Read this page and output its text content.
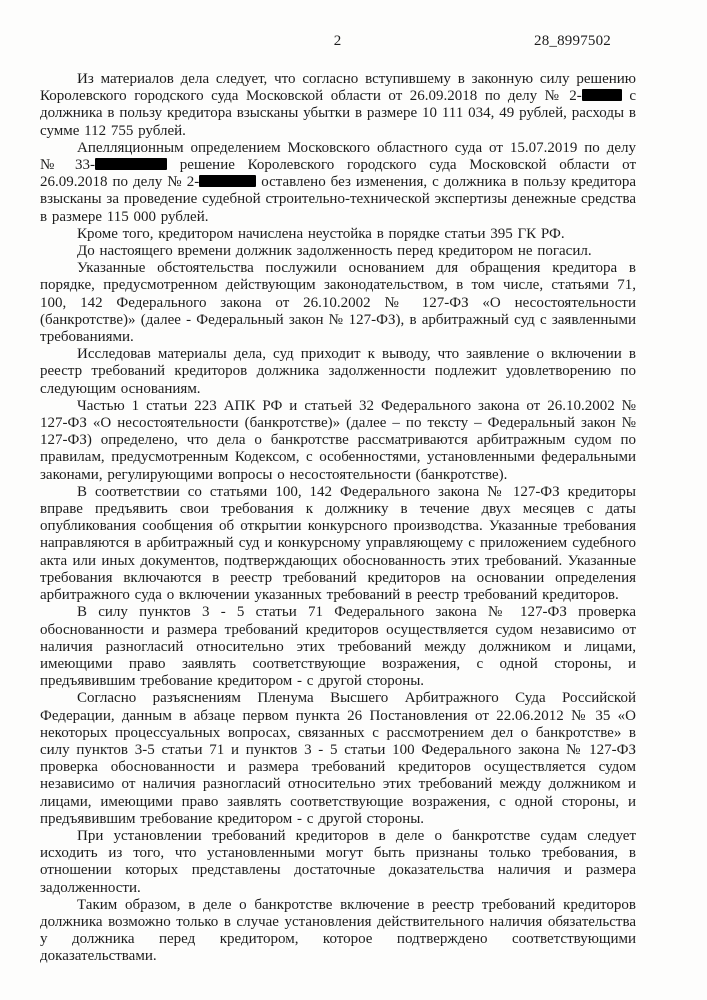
2	28_8997502

Из материалов дела следует, что согласно вступившему в законную силу решению Королевского городского суда Московской области от 26.09.2018 по делу № 2-	с должника в пользу кредитора взысканы убытки в размере 10 111 034, 49 рублей, расходы в сумме 112 755 рублей.

Апелляционным определением Московского областного суда от 15.07.2019 по делу № 33-	решение Королевского городского суда Московской области от 26.09.2018 по делу № 2-	оставлено без изменения, с должника в пользу кредитора взысканы за проведение судебной строительно-технической экспертизы денежные средства в размере 115 000 рублей.

Кроме того, кредитором начислена неустойка в порядке статьи 395 ГК РФ.

До настоящего времени должник задолженность перед кредитором не погасил.

Указанные обстоятельства послужили основанием для обращения кредитора в порядке, предусмотренном действующим законодательством, в том числе, статьями 71, 100, 142 Федерального закона от 26.10.2002 № 127-ФЗ «О несостоятельности (банкротстве)» (далее - Федеральный закон № 127-ФЗ), в арбитражный суд с заявленными требованиями.

Исследовав материалы дела, суд приходит к выводу, что заявление о включении в реестр требований кредиторов должника задолженности подлежит удовлетворению по следующим основаниям.

Частью 1 статьи 223 АПК РФ и статьей 32 Федерального закона от 26.10.2002 № 127-ФЗ «О несостоятельности (банкротстве)» (далее – по тексту – Федеральный закон № 127-ФЗ) определено, что дела о банкротстве рассматриваются арбитражным судом по правилам, предусмотренным Кодексом, с особенностями, установленными федеральными законами, регулирующими вопросы о несостоятельности (банкротстве).

В соответствии со статьями 100, 142 Федерального закона № 127-ФЗ кредиторы вправе предъявить свои требования к должнику в течение двух месяцев с даты опубликования сообщения об открытии конкурсного производства. Указанные требования направляются в арбитражный суд и конкурсному управляющему с приложением судебного акта или иных документов, подтверждающих обоснованность этих требований. Указанные требования включаются в реестр требований кредиторов на основании определения арбитражного суда о включении указанных требований в реестр требований кредиторов.

В силу пунктов 3 - 5 статьи 71 Федерального закона № 127-ФЗ проверка обоснованности и размера требований кредиторов осуществляется судом независимо от наличия разногласий относительно этих требований между должником и лицами, имеющими право заявлять соответствующие возражения, с одной стороны, и предъявившим требование кредитором - с другой стороны.

Согласно разъяснениям Пленума Высшего Арбитражного Суда Российской Федерации, данным в абзаце первом пункта 26 Постановления от 22.06.2012 № 35 «О некоторых процессуальных вопросах, связанных с рассмотрением дел о банкротстве» в силу пунктов 3-5 статьи 71 и пунктов 3 - 5 статьи 100 Федерального закона № 127-ФЗ проверка обоснованности и размера требований кредиторов осуществляется судом независимо от наличия разногласий относительно этих требований между должником и лицами, имеющими право заявлять соответствующие возражения, с одной стороны, и предъявившим требование кредитором - с другой стороны.

При установлении требований кредиторов в деле о банкротстве судам следует исходить из того, что установленными могут быть признаны только требования, в отношении которых представлены достаточные доказательства наличия и размера задолженности.

Таким образом, в деле о банкротстве включение в реестр требований кредиторов должника возможно только в случае установления действительного наличия обязательства у должника перед кредитором, которое подтверждено соответствующими доказательствами.
